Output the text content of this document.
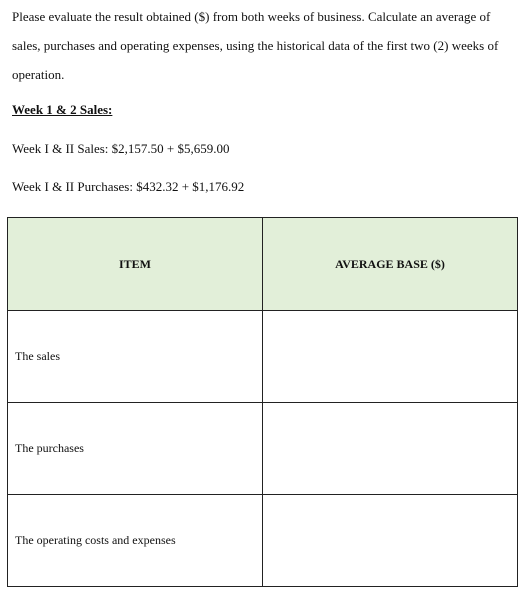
Please evaluate the result obtained ($) from both weeks of business. Calculate an average of sales, purchases and operating expenses, using the historical data of the first two (2) weeks of operation.

Week 1 & 2 Sales:

Week I & II Sales: $2,157.50 + $5,659.00

Week I & II Purchases: $432.32 + $1,176.92

ITEM	AVERAGE BASE ($)
The sales	
The purchases	
The operating costs and expenses	
